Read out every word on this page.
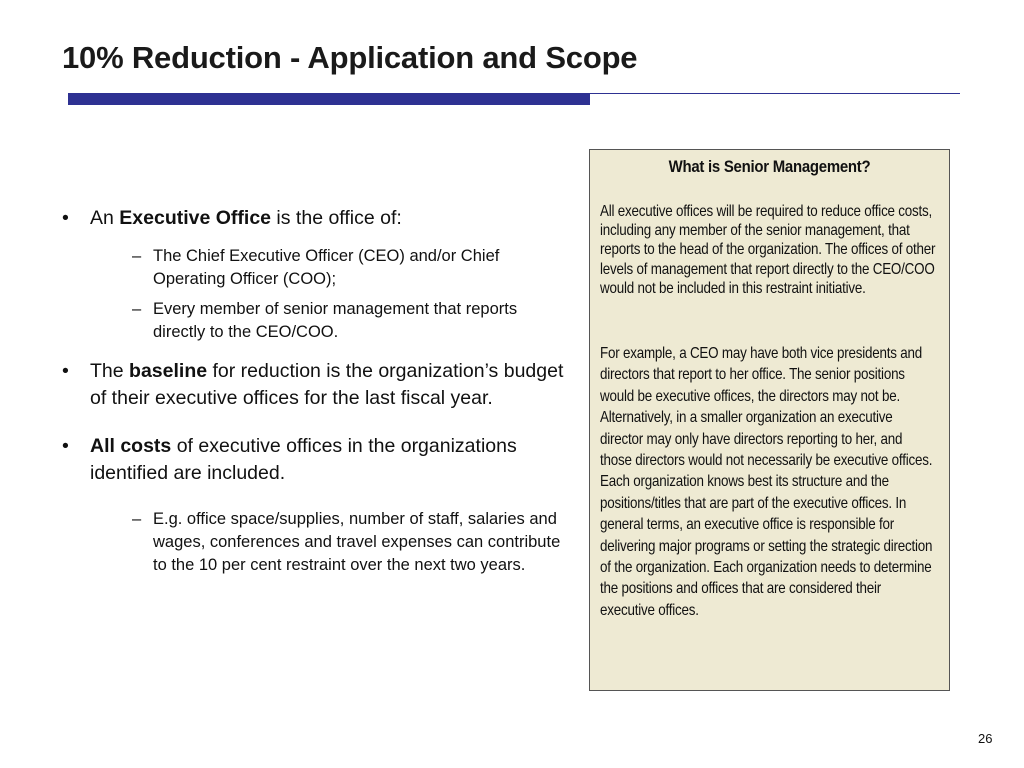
10% Reduction - Application and Scope

• An Executive Office is the office of:

– The Chief Executive Officer (CEO) and/or Chief Operating Officer (COO);

– Every member of senior management that reports directly to the CEO/COO.

• The baseline for reduction is the organization’s budget of their executive offices for the last fiscal year.

• All costs of executive offices in the organizations identified are included.

– E.g. office space/supplies, number of staff, salaries and wages, conferences and travel expenses can contribute to the 10 per cent restraint over the next two years.

What is Senior Management?

All executive offices will be required to reduce office costs, including any member of the senior management, that reports to the head of the organization. The offices of other levels of management that report directly to the CEO/COO would not be included in this restraint initiative.

For example, a CEO may have both vice presidents and directors that report to her office. The senior positions would be executive offices, the directors may not be. Alternatively, in a smaller organization an executive director may only have directors reporting to her, and those directors would not necessarily be executive offices. Each organization knows best its structure and the positions/titles that are part of the executive offices. In general terms, an executive office is responsible for delivering major programs or setting the strategic direction of the organization. Each organization needs to determine the positions and offices that are considered their executive offices.

26
